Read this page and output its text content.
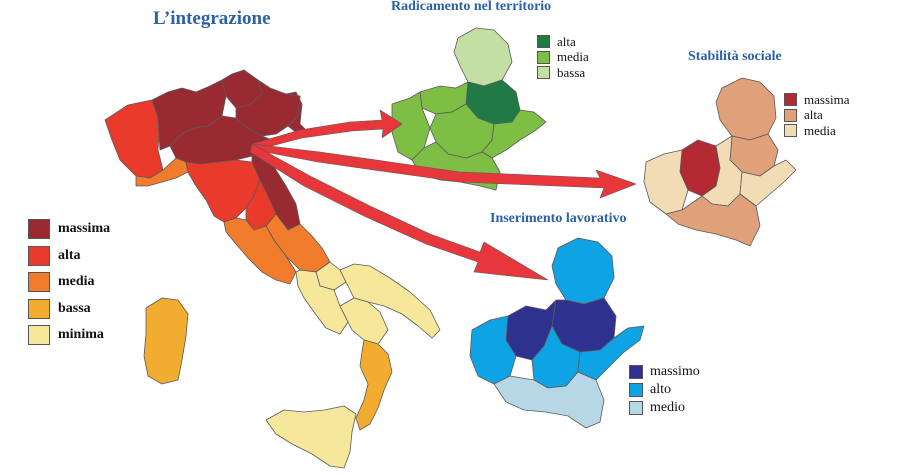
L’integrazione
Radicamento nel territorio
Stabilità sociale
Inserimento lavorativo
massima
alta
media
bassa
minima
alta
media
bassa
massima
alta
media
massimo
alto
medio
